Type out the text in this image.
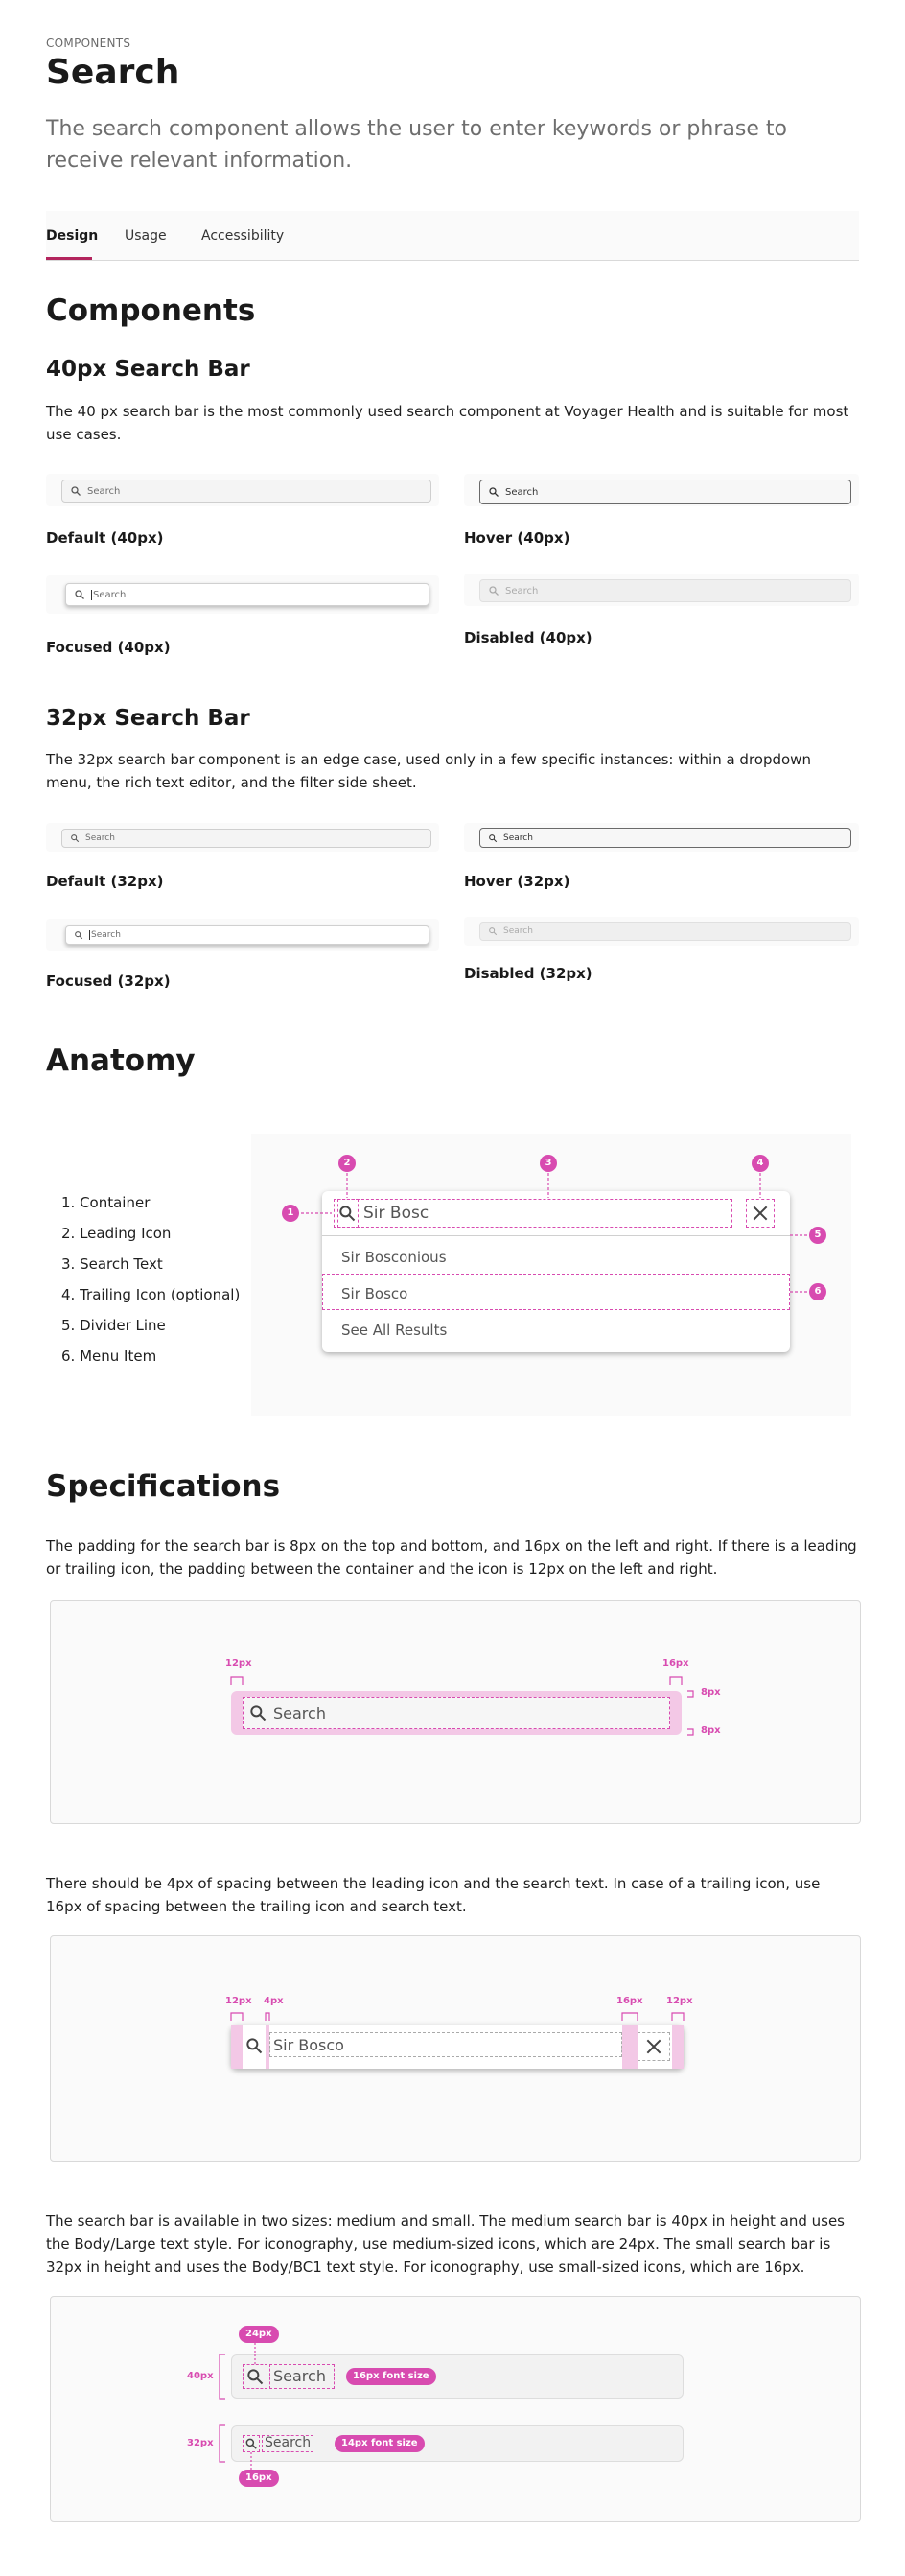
COMPONENTS
Search
The search component allows the user to enter keywords or phrase to receive relevant information.
Design Usage	Accessibility
Components
40px Search Bar
The 40 px search bar is the most commonly used search component at Voyager Health and is suitable for most use cases.
Search
Default (40px)
Search
Hover (40px)
Search
Focused (40px)
Search
Disabled (40px)
32px Search Bar
The 32px search bar component is an edge case, used only in a few specific instances: within a dropdown menu, the rich text editor, and the filter side sheet.
Search
Default (32px)
Search
Hover (32px)
Search
Focused (32px)
Search
Disabled (32px)
Anatomy
1. Container
2. Leading Icon
3. Search Text
4. Trailing Icon (optional)
5. Divider Line
6. Menu Item
Sir Bosc
Sir Bosconious
Sir Bosco
See All Results
1
2	3	4
5
6
Specifications
The padding for the search bar is 8px on the top and bottom, and 16px on the left and right. If there is a leading or trailing icon, the padding between the container and the icon is 12px on the left and right.
Search
12px	16px
8px
8px
There should be 4px of spacing between the leading icon and the search text. In case of a trailing icon, use 16px of spacing between the trailing icon and search text.
Sir Bosco
12px 4px	16px 12px
The search bar is available in two sizes: medium and small. The medium search bar is 40px in height and uses the Body/Large text style. For iconography, use medium-sized icons, which are 24px. The small search bar is 32px in height and uses the Body/BC1 text style. For iconography, use small-sized icons, which are 16px.
Search	16px font size
24px
Search	14px font size
16px
40px
32px
